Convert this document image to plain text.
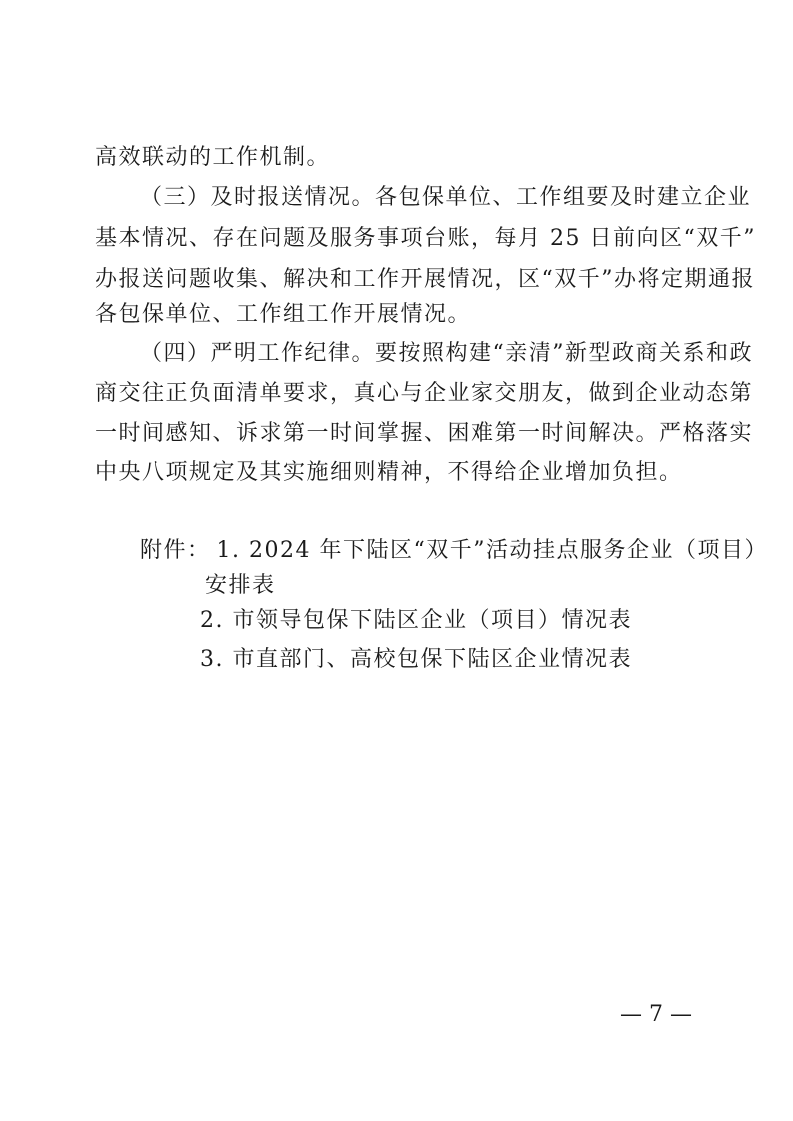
高效联动的工作机制。
（三）及时报送情况。各包保单位、工作组要及时建立企业
基本情况、存在问题及服务事项台账，每月 25 日前向区“双千”
办报送问题收集、解决和工作开展情况，区“双千”办将定期通报
各包保单位、工作组工作开展情况。
（四）严明工作纪律。要按照构建“亲清”新型政商关系和政
商交往正负面清单要求，真心与企业家交朋友，做到企业动态第
一时间感知、诉求第一时间掌握、困难第一时间解决。严格落实
中央八项规定及其实施细则精神，不得给企业增加负担。
附件： 1. 2024 年下陆区“双千”活动挂点服务企业（项目）
安排表
2. 市领导包保下陆区企业（项目）情况表
3. 市直部门、高校包保下陆区企业情况表
— 7 —
